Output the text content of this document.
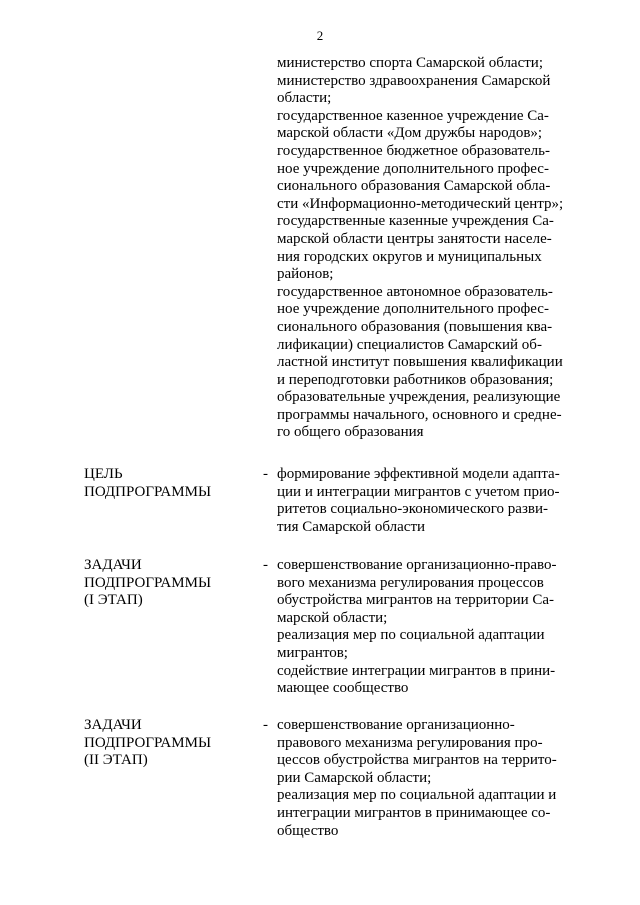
2
министерство спорта Самарской области;
министерство здравоохранения Самарской
области;
государственное казенное учреждение Са-
марской области «Дом дружбы народов»;
государственное бюджетное образователь-
ное учреждение дополнительного профес-
сионального образования Самарской обла-
сти «Информационно-методический центр»;
государственные казенные учреждения Са-
марской области центры занятости населе-
ния городских округов и муниципальных
районов;
государственное автономное образователь-
ное учреждение дополнительного профес-
сионального образования (повышения ква-
лификации) специалистов Самарский об-
ластной институт повышения квалификации
и переподготовки работников образования;
образовательные учреждения, реализующие
программы начального, основного и средне-
го общего образования
ЦЕЛЬ
ПОДПРОГРАММЫ
- формирование эффективной модели адапта-
ции и интеграции мигрантов с учетом прио-
ритетов социально-экономического разви-
тия Самарской области
ЗАДАЧИ
ПОДПРОГРАММЫ
(I ЭТАП)
- совершенствование организационно-право-
вого механизма регулирования процессов
обустройства мигрантов на территории Са-
марской области;
реализация мер по социальной адаптации
мигрантов;
содействие интеграции мигрантов в прини-
мающее сообщество
ЗАДАЧИ
ПОДПРОГРАММЫ
(II ЭТАП)
- совершенствование организационно-
правового механизма регулирования про-
цессов обустройства мигрантов на террито-
рии Самарской области;
реализация мер по социальной адаптации и
интеграции мигрантов в принимающее со-
общество
